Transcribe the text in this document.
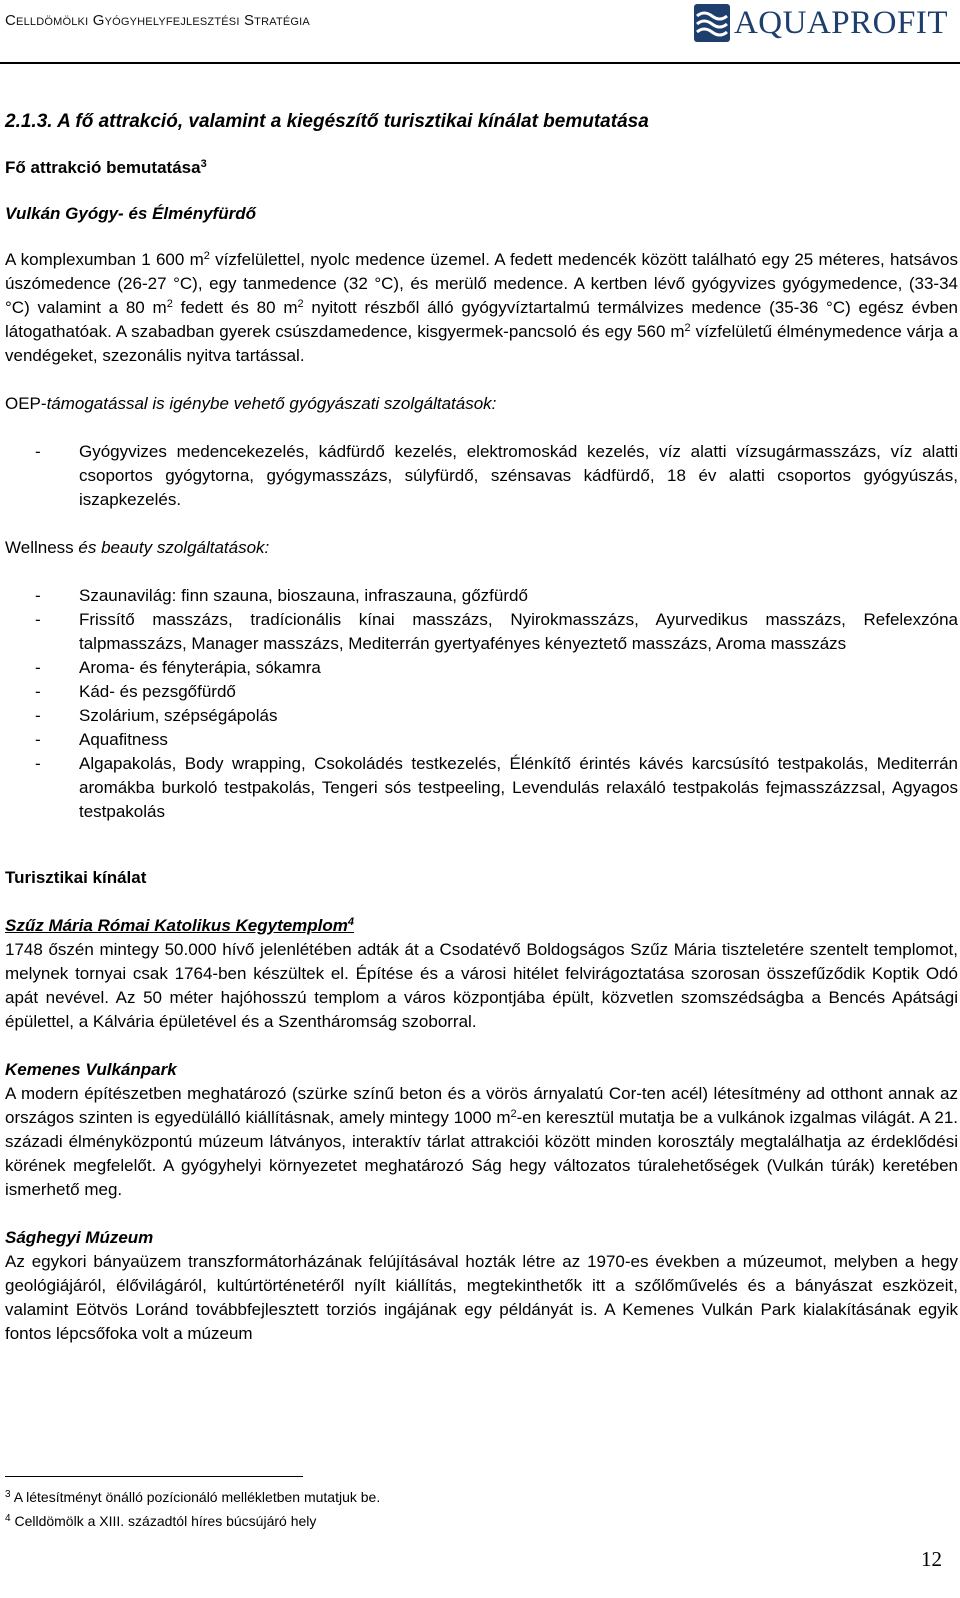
Celldömölki Gyógyhelyfejlesztési Stratégia	AQUAPROFIT

2.1.3. A fő attrakció, valamint a kiegészítő turisztikai kínálat bemutatása

Fő attrakció bemutatása$^3$

Vulkán Gyógy- és Élményfürdő

A komplexumban 1 600 $m^2$ vízfelülettel, nyolc medence üzemel. A fedett medencék között található egy 25 méteres, hatsávos úszómedence (26-27 °C), egy tanmedence (32 °C), és merülő medence. A kertben lévő gyógyvizes gyógymedence, (33-34 °C) valamint a 80 $m^2$ fedett és 80 $m^2$ nyitott részből álló gyógyvíztartalmú termálvizes medence (35-36 °C) egész évben látogathatóak. A szabadban gyerek csúszdamedence, kisgyermek-pancsoló és egy 560 $m^2$ vízfelületű élménymedence várja a vendégeket, szezonális nyitva tartással.

OEP-támogatással is igénybe vehető gyógyászati szolgáltatások:

- Gyógyvizes medencekezelés, kádfürdő kezelés, elektromoskád kezelés, víz alatti vízsugármasszázs, víz alatti csoportos gyógytorna, gyógymasszázs, súlyfürdő, szénsavas kádfürdő, 18 év alatti csoportos gyógyúszás, iszapkezelés.

Wellness és beauty szolgáltatások:

- Szaunavilág: finn szauna, bioszauna, infraszauna, gőzfürdő
- Frissítő masszázs, tradícionális kínai masszázs, Nyirokmasszázs, Ayurvedikus masszázs, Refelexzóna talpmasszázs, Manager masszázs, Mediterrán gyertyafényes kényeztető masszázs, Aroma masszázs
- Aroma- és fényterápia, sókamra
- Kád- és pezsgőfürdő
- Szolárium, szépségápolás
- Aquafitness
- Algapakolás, Body wrapping, Csokoládés testkezelés, Élénkítő érintés kávés karcsúsító testpakolás, Mediterrán aromákba burkoló testpakolás, Tengeri sós testpeeling, Levendulás relaxáló testpakolás fejmasszázzsal, Agyagos testpakolás

Turisztikai kínálat

Szűz Mária Római Katolikus Kegytemplom$^4$

1748 őszén mintegy 50.000 hívő jelenlétében adták át a Csodatévő Boldogságos Szűz Mária tiszteletére szentelt templomot, melynek tornyai csak 1764-ben készültek el. Építése és a városi hitélet felvirágoztatása szorosan összefűződik Koptik Odó apát nevével. Az 50 méter hajóhosszú templom a város központjába épült, közvetlen szomszédságba a Bencés Apátsági épülettel, a Kálvária épületével és a Szentháromság szoborral.

Kemenes Vulkánpark

A modern építészetben meghatározó (szürke színű beton és a vörös árnyalatú Cor-ten acél) létesítmény ad otthont annak az országos szinten is egyedülálló kiállításnak, amely mintegy 1000 $m^2-en$ keresztül mutatja be a vulkánok izgalmas világát. A 21. századi élményközpontú múzeum látványos, interaktív tárlat attrakciói között minden korosztály megtalálhatja az érdeklődési körének megfelelőt. A gyógyhelyi környezetet meghatározó Ság hegy változatos túralehetőségek (Vulkán túrák) keretében ismerhető meg.

Sághegyi Múzeum

Az egykori bányaüzem transzformátorházának felújításával hozták létre az 1970-es években a múzeumot, melyben a hegy geológiájáról, élővilágáról, kultúrtörténetéről nyílt kiállítás, megtekinthetők itt a szőlőművelés és a bányászat eszközeit, valamint Eötvös Loránd továbbfejlesztett torziós ingájának egy példányát is. A Kemenes Vulkán Park kialakításának egyik fontos lépcsőfoka volt a múzeum

$^3$ A létesítményt önálló pozícionáló mellékletben mutatjuk be.
$^4$ Celldömölk a XIII. századtól híres búcsújáró hely
12
